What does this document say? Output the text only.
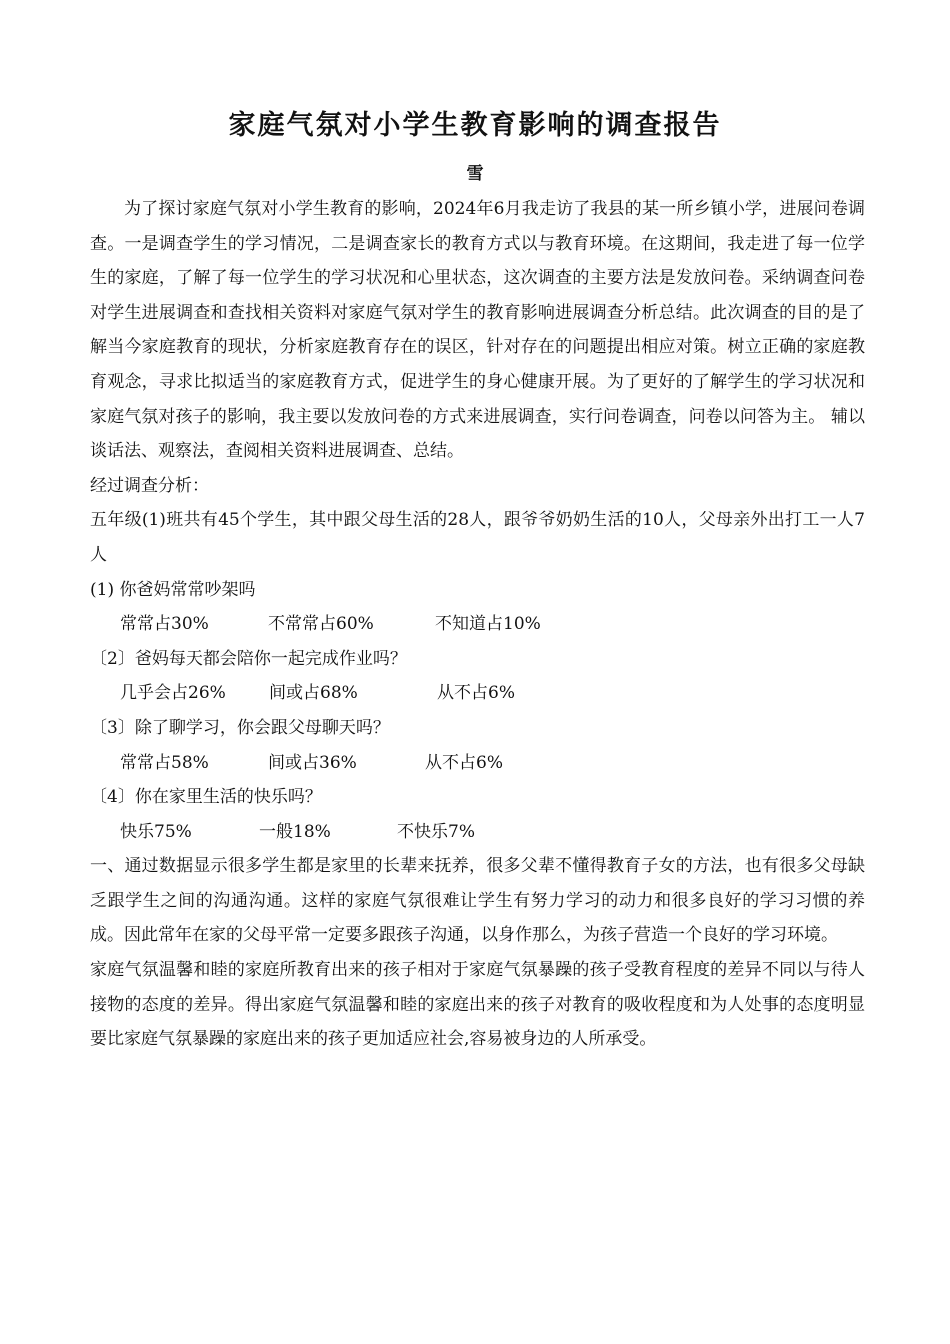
家庭气氛对小学生教育影响的调查报告
雪

为了探讨家庭气氛对小学生教育的影响，2024年6月我走访了我县的某一所乡镇小学，进展问卷调查。一是调查学生的学习情况，二是调查家长的教育方式以与教育环境。在这期间，我走进了每一位学生的家庭，了解了每一位学生的学习状况和心里状态，这次调查的主要方法是发放问卷。采纳调查问卷对学生进展调查和查找相关资料对家庭气氛对学生的教育影响进展调查分析总结。此次调查的目的是了解当今家庭教育的现状，分析家庭教育存在的误区，针对存在的问题提出相应对策。树立正确的家庭教育观念，寻求比拟适当的家庭教育方式，促进学生的身心健康开展。为了更好的了解学生的学习状况和家庭气氛对孩子的影响，我主要以发放问卷的方式来进展调查，实行问卷调查，问卷以问答为主。 辅以谈话法、观察法，查阅相关资料进展调查、总结。

经过调查分析：

五年级(1)班共有45个学生，其中跟父母生活的28人，跟爷爷奶奶生活的10人，父母亲外出打工一人7人

(1) 你爸妈常常吵架吗

常常占30%	不常常占60%	不知道占10%

〔2〕爸妈每天都会陪你一起完成作业吗？

几乎会占26%	间或占68%	从不占6%

〔3〕除了聊学习，你会跟父母聊天吗？

常常占58%	间或占36%	从不占6%

〔4〕你在家里生活的快乐吗？

快乐75%	一般18%	不快乐7%

一、通过数据显示很多学生都是家里的长辈来抚养，很多父辈不懂得教育子女的方法，也有很多父母缺乏跟学生之间的沟通沟通。这样的家庭气氛很难让学生有努力学习的动力和很多良好的学习习惯的养成。因此常年在家的父母平常一定要多跟孩子沟通，以身作那么，为孩子营造一个良好的学习环境。

家庭气氛温馨和睦的家庭所教育出来的孩子相对于家庭气氛暴躁的孩子受教育程度的差异不同以与待人接物的态度的差异。得出家庭气氛温馨和睦的家庭出来的孩子对教育的吸收程度和为人处事的态度明显要比家庭气氛暴躁的家庭出来的孩子更加适应社会,容易被身边的人所承受。
